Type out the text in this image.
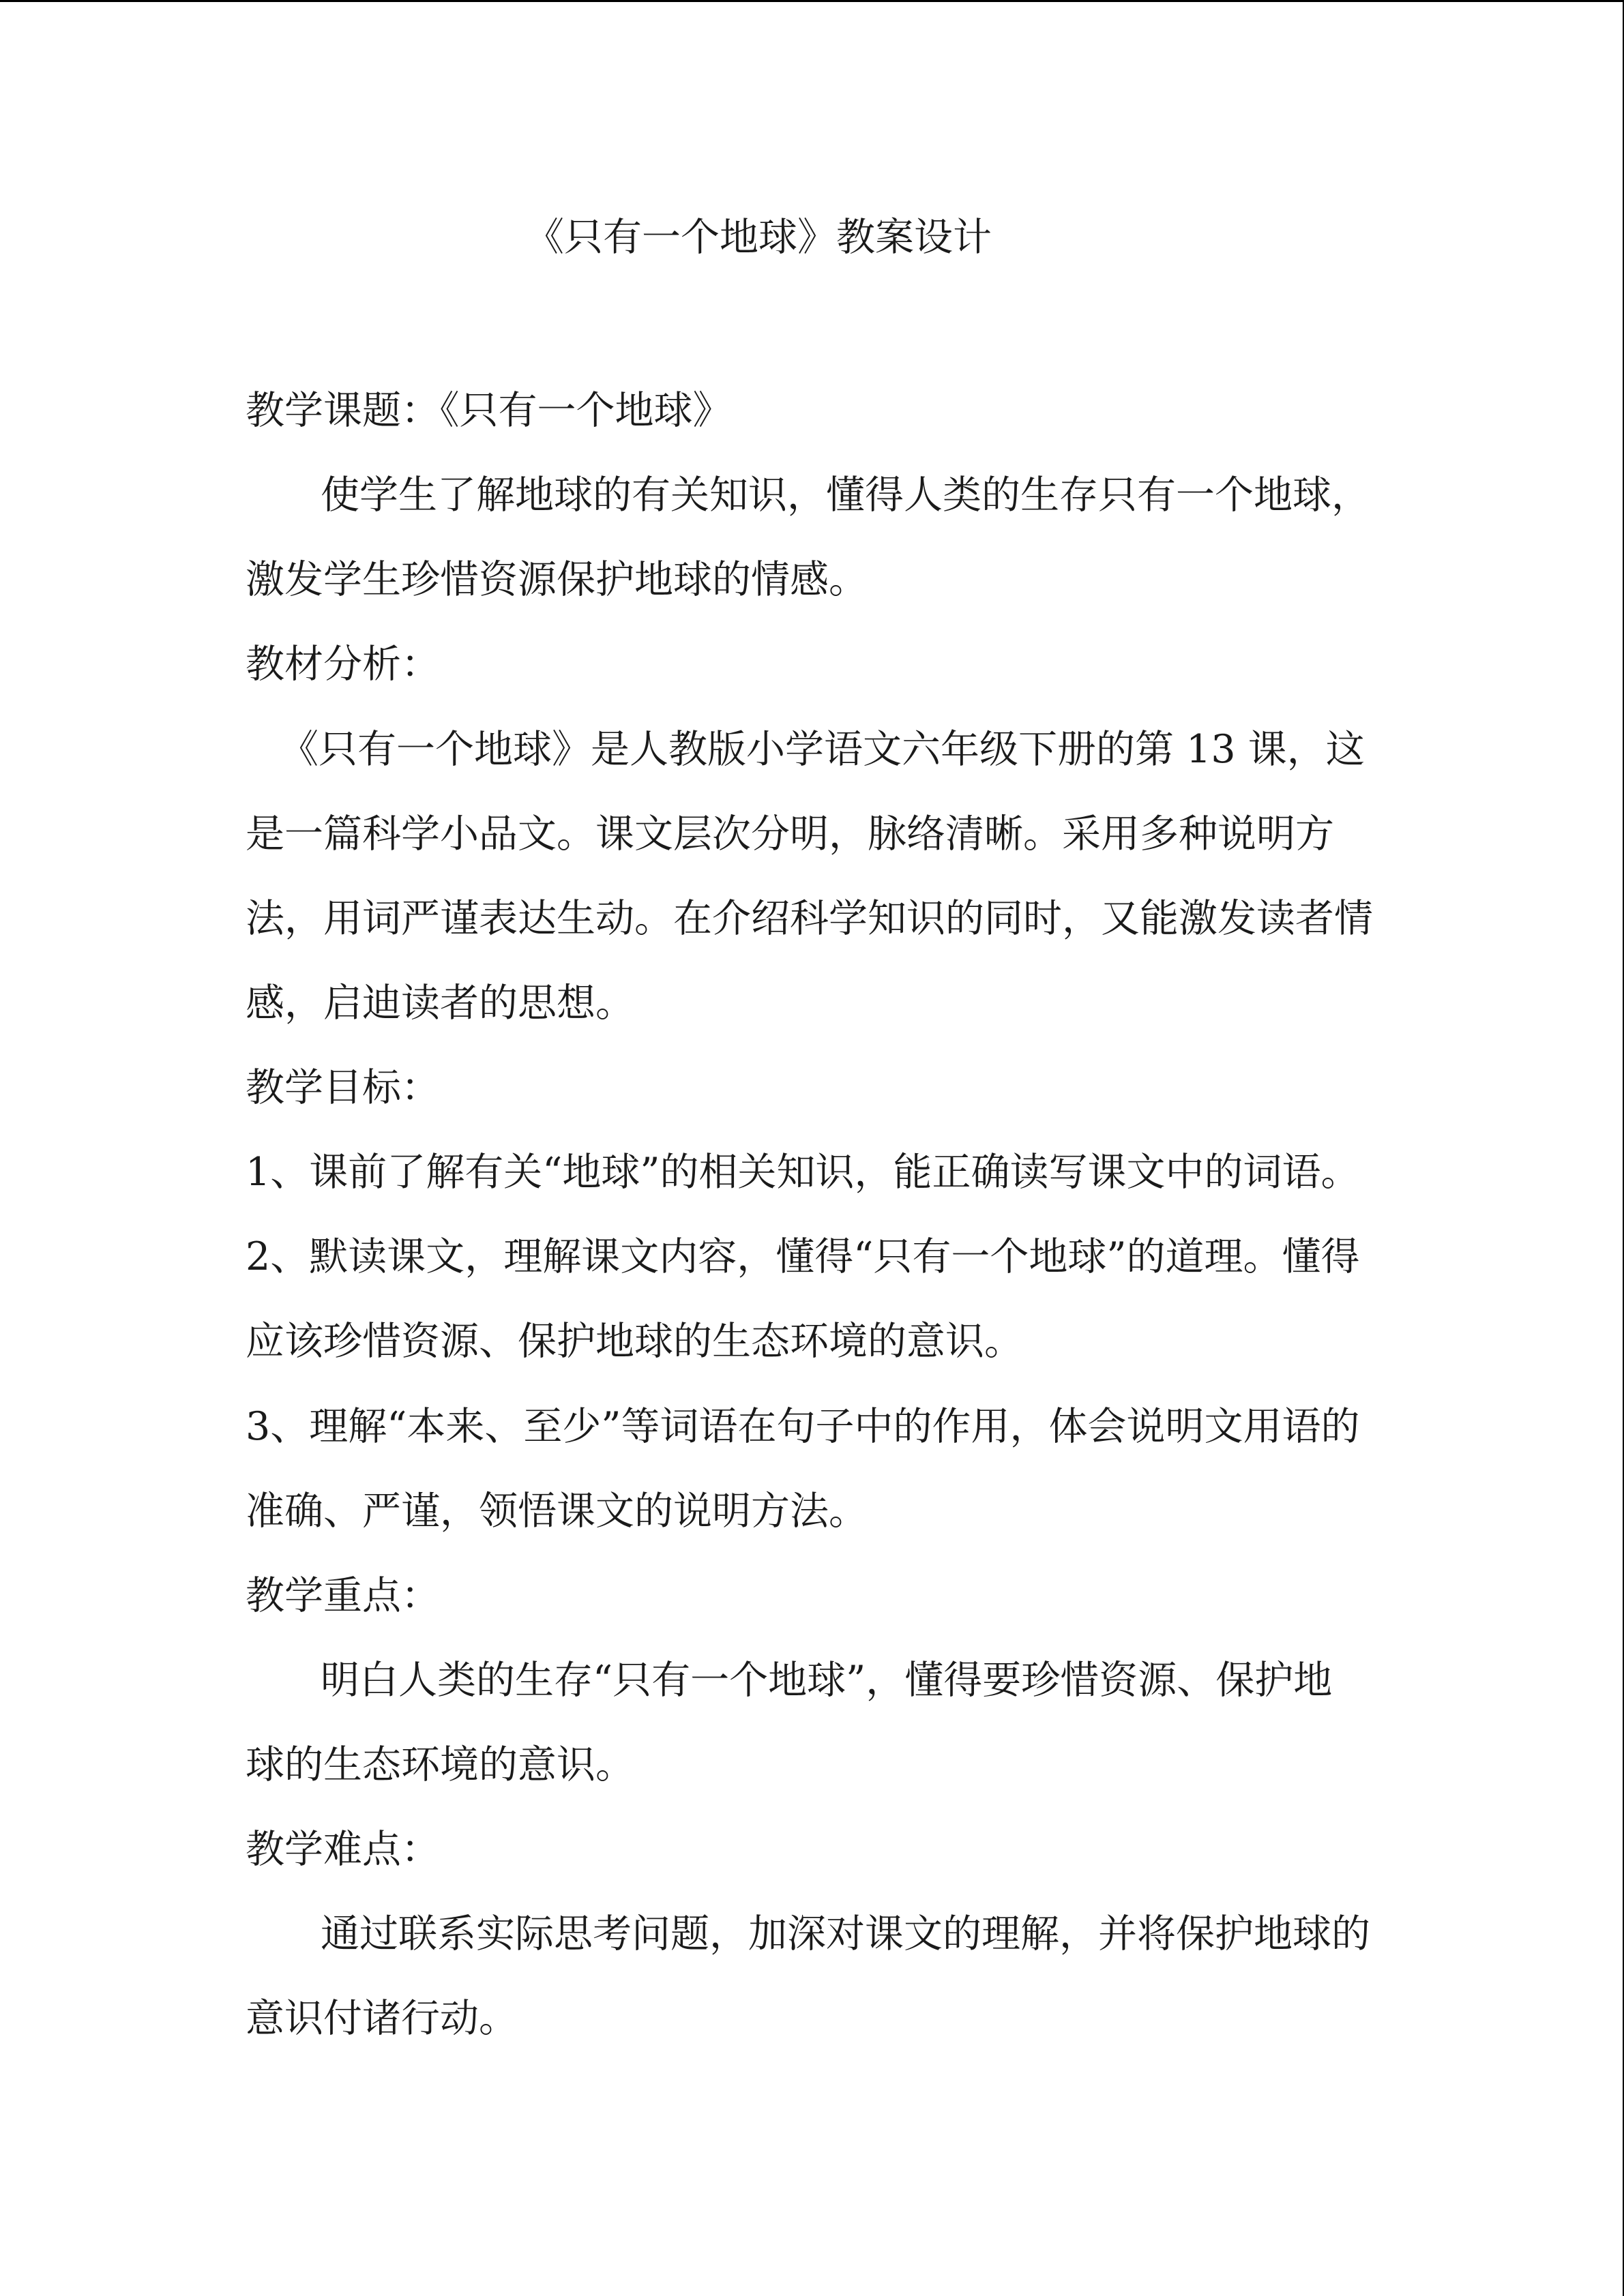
《只有一个地球》教案设计

教学课题：《只有一个地球》

使学生了解地球的有关知识，懂得人类的生存只有一个地球，

激发学生珍惜资源保护地球的情感。

教材分析：

《只有一个地球》是人教版小学语文六年级下册的第 13 课，这

是一篇科学小品文。课文层次分明，脉络清晰。采用多种说明方

法，用词严谨表达生动。在介绍科学知识的同时，又能激发读者情

感，启迪读者的思想。

教学目标：

1、课前了解有关“地球”的相关知识，能正确读写课文中的词语。

2、默读课文，理解课文内容，懂得“只有一个地球”的道理。懂得

应该珍惜资源、保护地球的生态环境的意识。

3、理解“本来、至少”等词语在句子中的作用，体会说明文用语的

准确、严谨，领悟课文的说明方法。

教学重点：

明白人类的生存“只有一个地球”，懂得要珍惜资源、保护地

球的生态环境的意识。

教学难点：

通过联系实际思考问题，加深对课文的理解，并将保护地球的

意识付诸行动。
